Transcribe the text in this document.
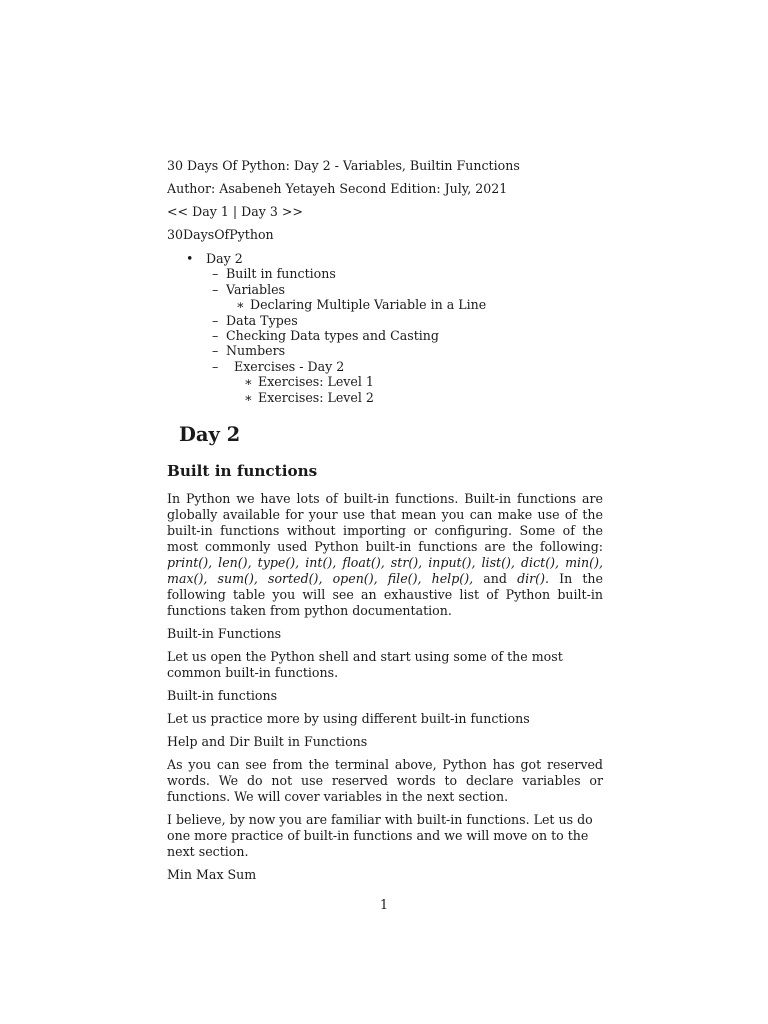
30 Days Of Python: Day 2 - Variables, Builtin Functions

Author: Asabeneh Yetayeh Second Edition: July, 2021

<< Day 1 | Day 3 >>

30DaysOfPython

• Day 2
– Built in functions
– Variables
∗ Declaring Multiple Variable in a Line
– Data Types
– Checking Data types and Casting
– Numbers
– Exercises - Day 2
∗ Exercises: Level 1
∗ Exercises: Level 2
Day 2
Built in functions

In Python we have lots of built-in functions. Built-in functions are globally available for your use that mean you can make use of the built-in functions without importing or configuring. Some of the most commonly used Python built-in functions are the following: print(), len(), type(), int(), float(), str(), input(), list(), dict(), min(), max(), sum(), sorted(), open(), file(), help(), and dir(). In the following table you will see an exhaustive list of Python built-in functions taken from python documentation.

Built-in Functions

Let us open the Python shell and start using some of the most common built-in functions.

Built-in functions

Let us practice more by using different built-in functions

Help and Dir Built in Functions

As you can see from the terminal above, Python has got reserved words. We do not use reserved words to declare variables or functions. We will cover variables in the next section.

I believe, by now you are familiar with built-in functions. Let us do one more practice of built-in functions and we will move on to the next section.

Min Max Sum

1
